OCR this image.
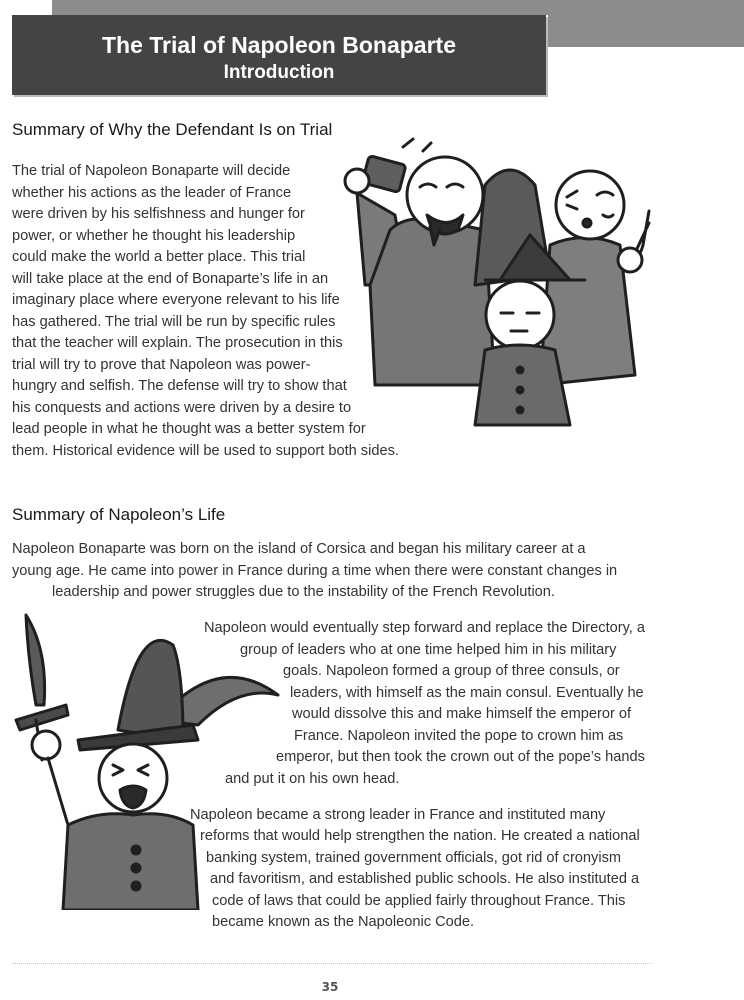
The Trial of Napoleon Bonaparte
Introduction
Summary of Why the Defendant Is on Trial
The trial of Napoleon Bonaparte will decide
whether his actions as the leader of France
were driven by his selfishness and hunger for
power, or whether he thought his leadership
could make the world a better place. This trial
will take place at the end of Bonaparte’s life in an
imaginary place where everyone relevant to his life
has gathered. The trial will be run by specific rules
that the teacher will explain. The prosecution in this
trial will try to prove that Napoleon was power-
hungry and selfish. The defense will try to show that
his conquests and actions were driven by a desire to
lead people in what he thought was a better system for
them. Historical evidence will be used to support both sides.
Summary of Napoleon’s Life
Napoleon Bonaparte was born on the island of Corsica and began his military career at a
young age. He came into power in France during a time when there were constant changes in
leadership and power struggles due to the instability of the French Revolution.
Napoleon would eventually step forward and replace the Directory, a
group of leaders who at one time helped him in his military
goals. Napoleon formed a group of three consuls, or
leaders, with himself as the main consul. Eventually he
would dissolve this and make himself the emperor of
France. Napoleon invited the pope to crown him as
emperor, but then took the crown out of the pope’s hands
and put it on his own head.
Napoleon became a strong leader in France and instituted many
reforms that would help strengthen the nation. He created a national
banking system, trained government officials, got rid of cronyism
and favoritism, and established public schools. He also instituted a
code of laws that could be applied fairly throughout France. This
became known as the Napoleonic Code.
35
